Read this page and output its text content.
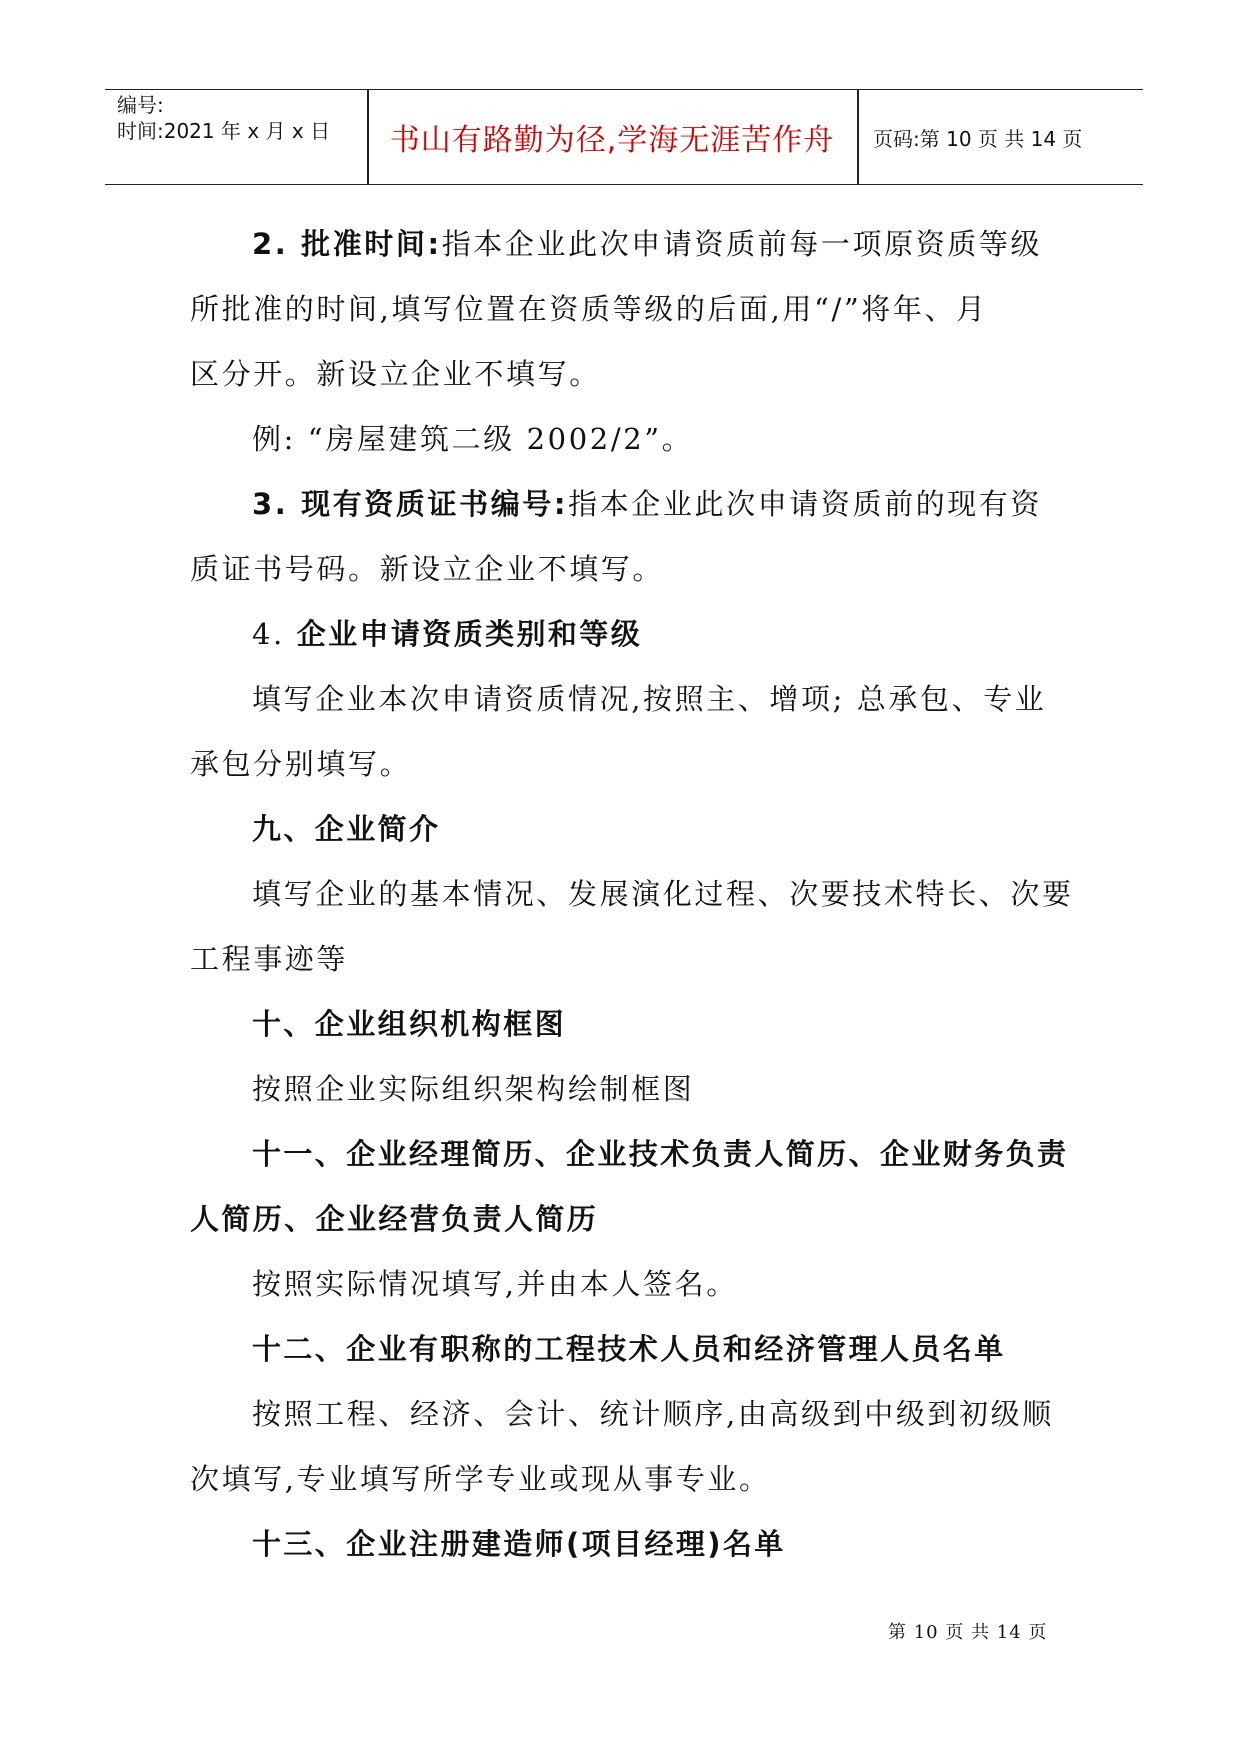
编号:
时间:2021 年 x 月 x 日	书山有路勤为径,学海无涯苦作舟	页码:第 10 页 共 14 页
2. 批准时间:指本企业此次申请资质前每一项原资质等级
所批准的时间,填写位置在资质等级的后面,用“/”将年、月
区分开。新设立企业不填写。
例: “房屋建筑二级 2002/2”。
3. 现有资质证书编号:指本企业此次申请资质前的现有资
质证书号码。新设立企业不填写。
4. 企业申请资质类别和等级
填写企业本次申请资质情况,按照主、增项; 总承包、专业
承包分别填写。
九、企业简介
填写企业的基本情况、发展演化过程、次要技术特长、次要
工程事迹等
十、企业组织机构框图
按照企业实际组织架构绘制框图
十一、企业经理简历、企业技术负责人简历、企业财务负责
人简历、企业经营负责人简历
按照实际情况填写,并由本人签名。
十二、企业有职称的工程技术人员和经济管理人员名单
按照工程、经济、会计、统计顺序,由高级到中级到初级顺
次填写,专业填写所学专业或现从事专业。
十三、企业注册建造师(项目经理)名单
第 10 页 共 14 页
